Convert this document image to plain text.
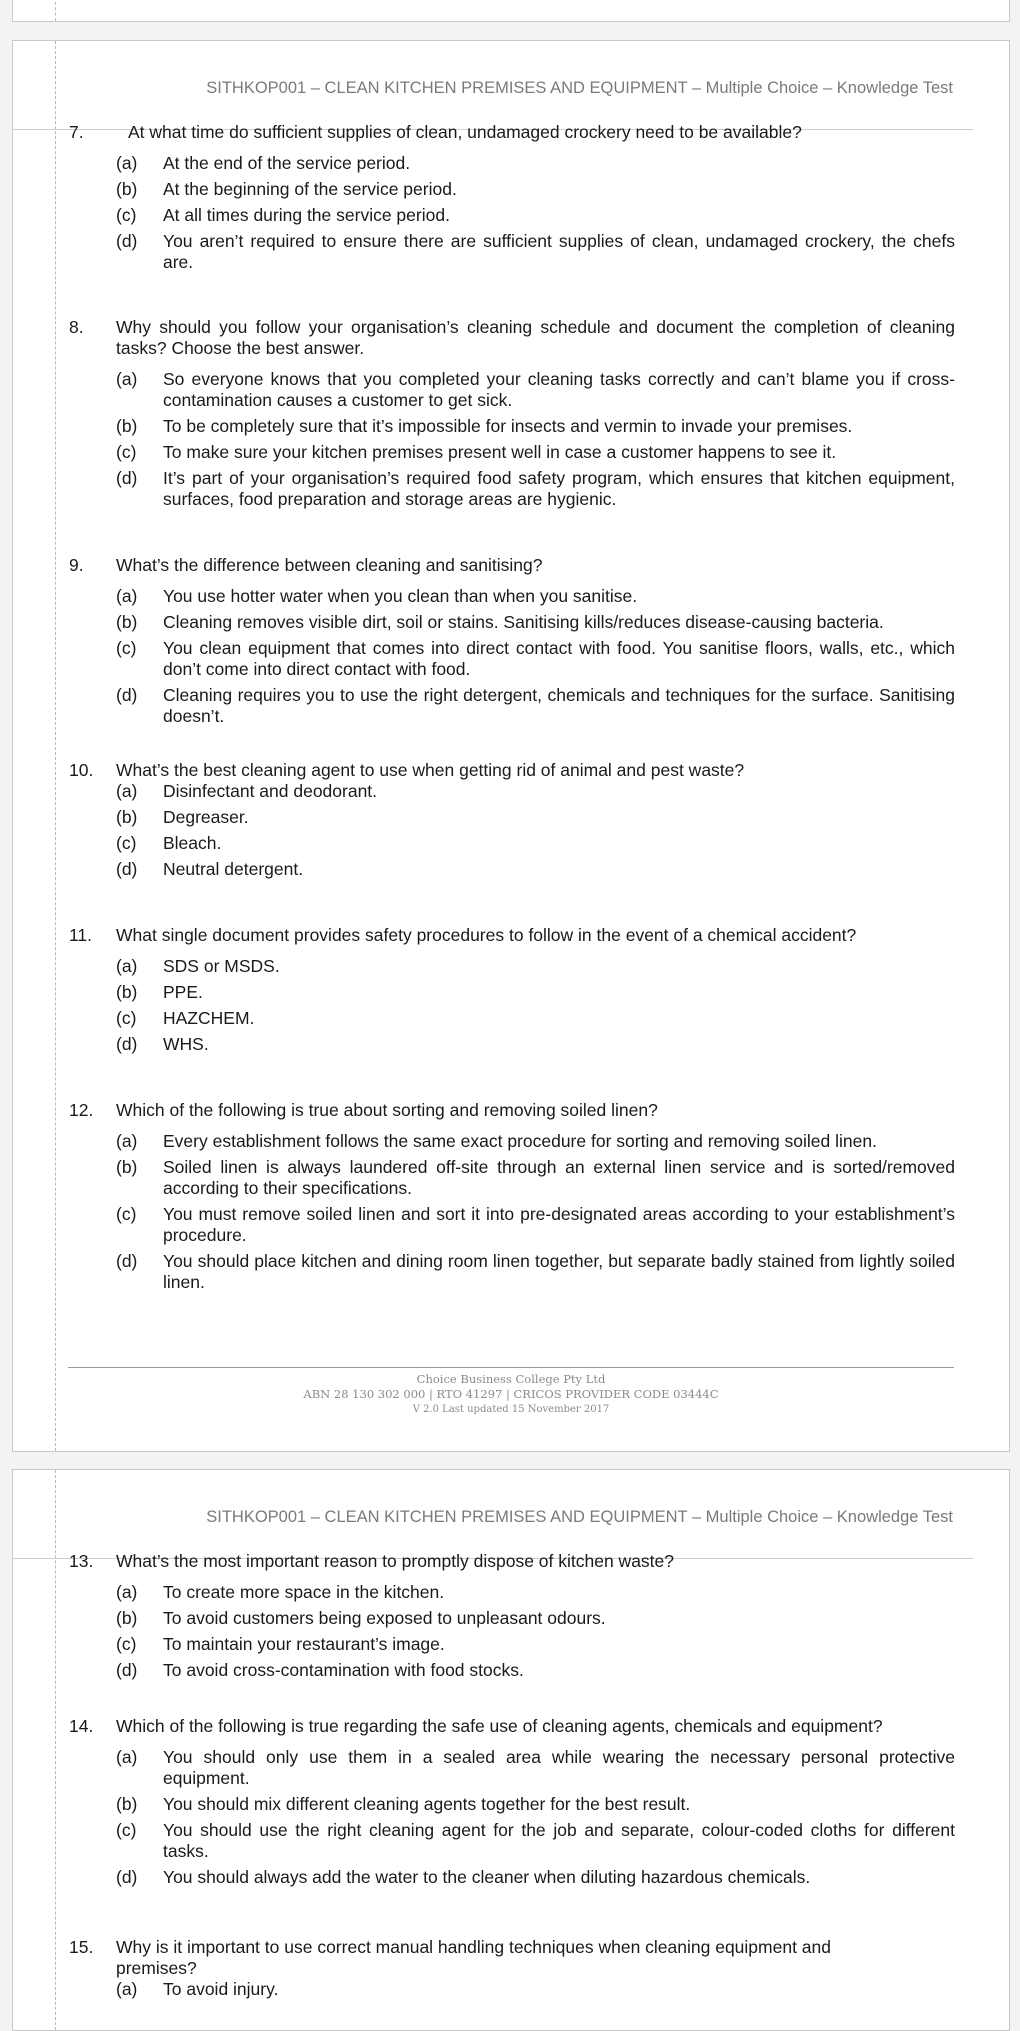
SITHKOP001 – CLEAN KITCHEN PREMISES AND EQUIPMENT – Multiple Choice – Knowledge Test
7.	At what time do sufficient supplies of clean, undamaged crockery need to be available?
(a)	At the end of the service period.
(b)	At the beginning of the service period.
(c)	At all times during the service period.
(d)	You aren’t required to ensure there are sufficient supplies of clean, undamaged crockery, the chefs are.
8.	Why should you follow your organisation’s cleaning schedule and document the completion of cleaning tasks? Choose the best answer.
(a)	So everyone knows that you completed your cleaning tasks correctly and can’t blame you if cross-contamination causes a customer to get sick.
(b)	To be completely sure that it’s impossible for insects and vermin to invade your premises.
(c)	To make sure your kitchen premises present well in case a customer happens to see it.
(d)	It’s part of your organisation’s required food safety program, which ensures that kitchen equipment, surfaces, food preparation and storage areas are hygienic.
9.	What’s the difference between cleaning and sanitising?
(a)	You use hotter water when you clean than when you sanitise.
(b)	Cleaning removes visible dirt, soil or stains. Sanitising kills/reduces disease-causing bacteria.
(c)	You clean equipment that comes into direct contact with food. You sanitise floors, walls, etc., which don’t come into direct contact with food.
(d)	Cleaning requires you to use the right detergent, chemicals and techniques for the surface. Sanitising doesn’t.
10.	What’s the best cleaning agent to use when getting rid of animal and pest waste?
(a)	Disinfectant and deodorant.
(b)	Degreaser.
(c)	Bleach.
(d)	Neutral detergent.
11.	What single document provides safety procedures to follow in the event of a chemical accident?
(a)	SDS or MSDS.
(b)	PPE.
(c)	HAZCHEM.
(d)	WHS.
12.	Which of the following is true about sorting and removing soiled linen?
(a)	Every establishment follows the same exact procedure for sorting and removing soiled linen.
(b)	Soiled linen is always laundered off-site through an external linen service and is sorted/removed according to their specifications.
(c)	You must remove soiled linen and sort it into pre-designated areas according to your establishment’s procedure.
(d)	You should place kitchen and dining room linen together, but separate badly stained from lightly soiled linen.
Choice Business College Pty Ltd
ABN 28 130 302 000 | RTO 41297 | CRICOS PROVIDER CODE 03444C
V 2.0 Last updated 15 November 2017
SITHKOP001 – CLEAN KITCHEN PREMISES AND EQUIPMENT – Multiple Choice – Knowledge Test
13.	What’s the most important reason to promptly dispose of kitchen waste?
(a)	To create more space in the kitchen.
(b)	To avoid customers being exposed to unpleasant odours.
(c)	To maintain your restaurant’s image.
(d)	To avoid cross-contamination with food stocks.
14.	Which of the following is true regarding the safe use of cleaning agents, chemicals and equipment?
(a)	You should only use them in a sealed area while wearing the necessary personal protective equipment.
(b)	You should mix different cleaning agents together for the best result.
(c)	You should use the right cleaning agent for the job and separate, colour-coded cloths for different tasks.
(d)	You should always add the water to the cleaner when diluting hazardous chemicals.
15.	Why is it important to use correct manual handling techniques when cleaning equipment and premises?
(a)	To avoid injury.
